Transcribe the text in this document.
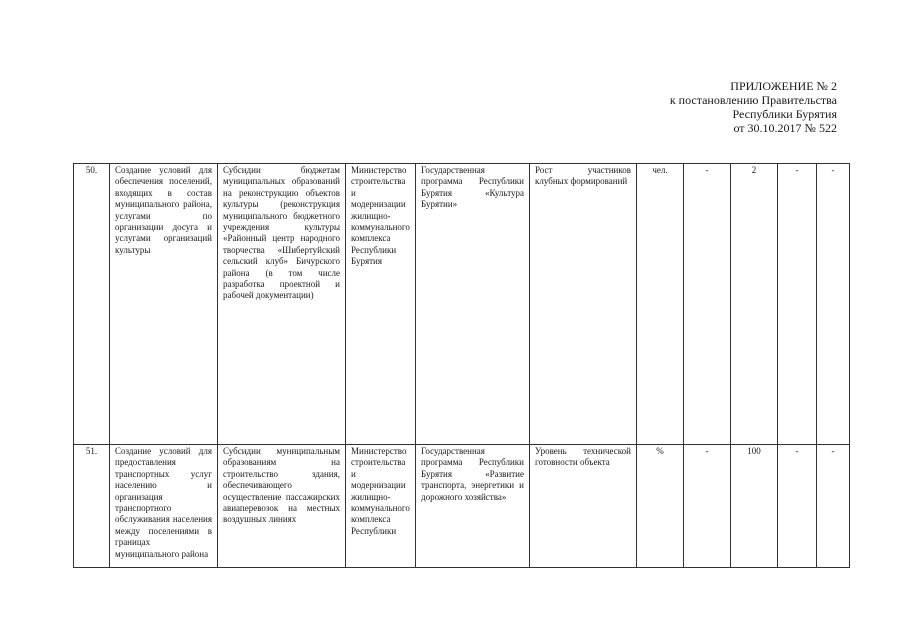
ПРИЛОЖЕНИЕ № 2
к постановлению Правительства
Республики Бурятия
от 30.10.2017 № 522
50.	Создание условий для обеспечения поселений, входящих в состав муниципального района, услугами по организации досуга и услугами организаций культуры	Субсидии бюджетам муниципальных образований на реконструкцию объектов культуры (реконструкция муниципального бюджетного учреждения культуры «Районный центр народного творчества «Шибертуйский сельский клуб» Бичурского района (в том числе разработка проектной и рабочей документации)	Министерство строительства и модернизации жилищно-коммунального комплекса Республики Бурятия	Государственная программа Республики Бурятия «Культура Бурятии»	Рост участников клубных формирований	чел.	-	2	-	-
51.	Создание условий для предоставления транспортных услуг населению и организация транспортного обслуживания населения между поселениями в границах муниципального района	Субсидии муниципальным образованиям на строительство здания, обеспечивающего осуществление пассажирских авиаперевозок на местных воздушных линиях	Министерство строительства и модернизации жилищно-коммунального комплекса Республики	Государственная программа Республики Бурятия «Развитие транспорта, энергетики и дорожного хозяйства»	Уровень технической готовности объекта	%	-	100	-	-
